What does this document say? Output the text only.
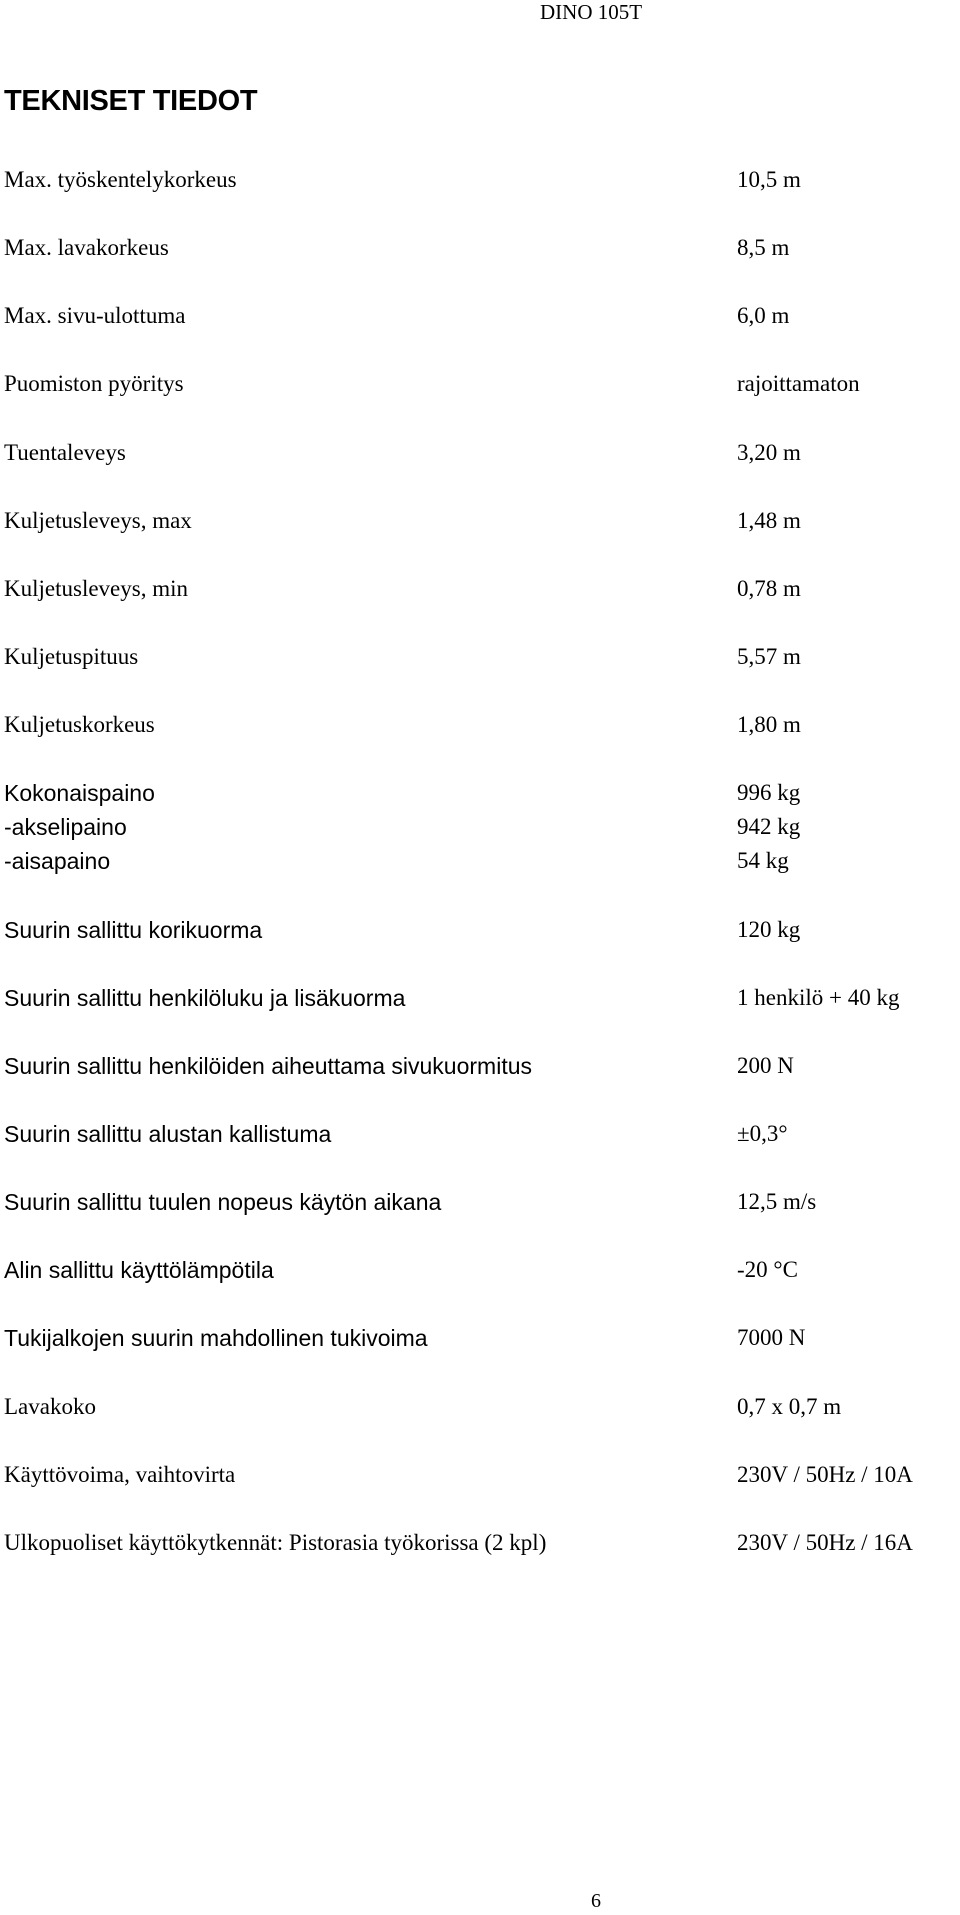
DINO 105T
TEKNISET TIEDOT
Max. työskentelykorkeus	10,5 m
Max. lavakorkeus	8,5 m
Max. sivu-ulottuma	6,0 m
Puomiston pyöritys	rajoittamaton
Tuentaleveys	3,20 m
Kuljetusleveys, max	1,48 m
Kuljetusleveys, min	0,78 m
Kuljetuspituus	5,57 m
Kuljetuskorkeus	1,80 m
Kokonaispaino	996 kg
-akselipaino	942 kg
-aisapaino	54 kg
Suurin sallittu korikuorma	120 kg
Suurin sallittu henkilöluku ja lisäkuorma	1 henkilö + 40 kg
Suurin sallittu henkilöiden aiheuttama sivukuormitus	200 N
Suurin sallittu alustan kallistuma	±0,3°
Suurin sallittu tuulen nopeus käytön aikana	12,5 m/s
Alin sallittu käyttölämpötila	-20 °C
Tukijalkojen suurin mahdollinen tukivoima	7000 N
Lavakoko	0,7 x 0,7 m
Käyttövoima, vaihtovirta	230V / 50Hz / 10A
Ulkopuoliset käyttökytkennät: Pistorasia työkorissa (2 kpl)	230V / 50Hz / 16A
6
